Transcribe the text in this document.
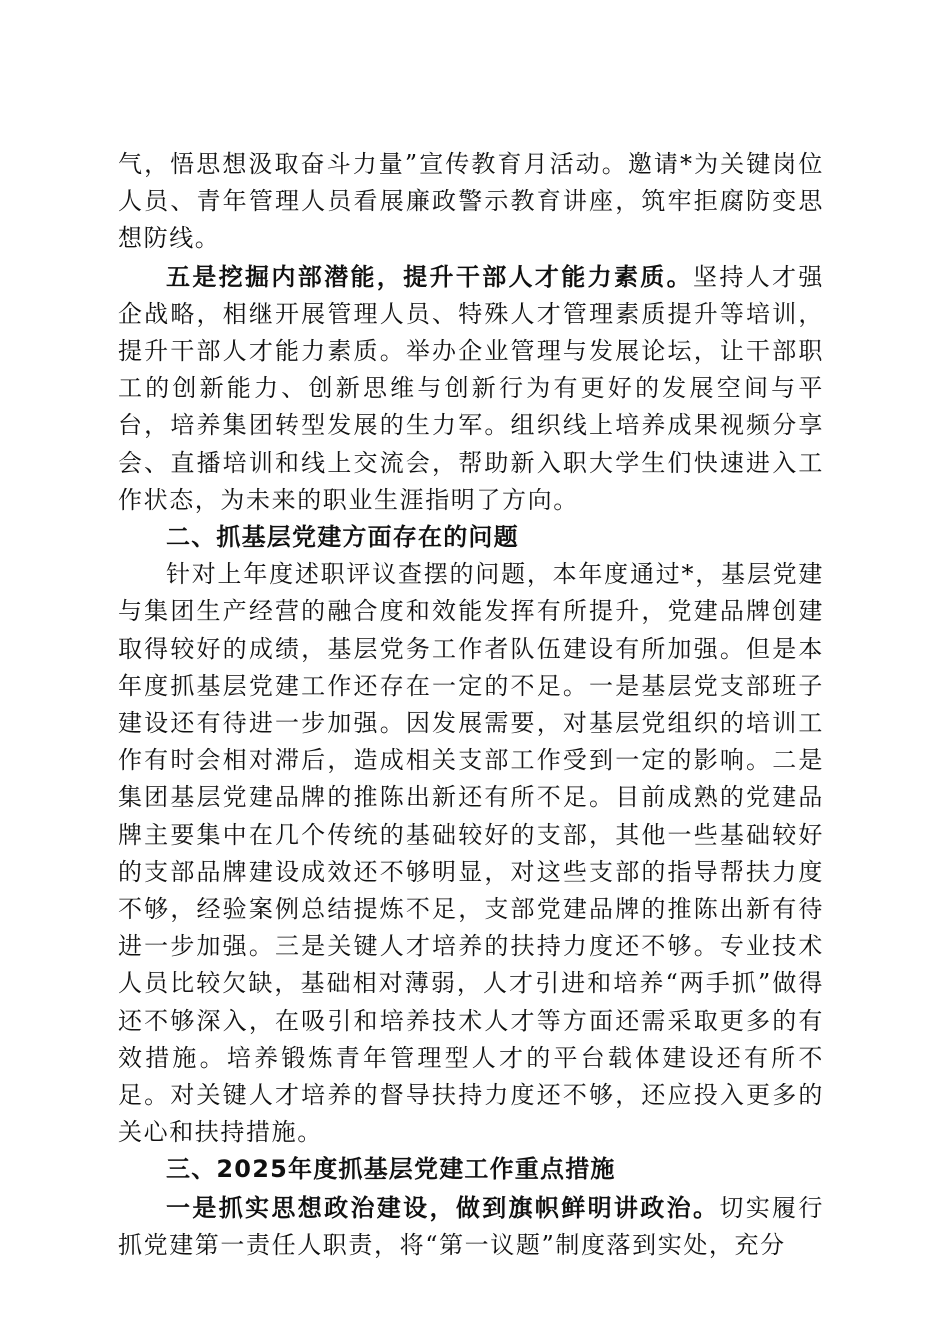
气，悟思想汲取奋斗力量”宣传教育月活动。邀请*为关键岗位人员、青年管理人员看展廉政警示教育讲座，筑牢拒腐防变思想防线。

五是挖掘内部潜能，提升干部人才能力素质。坚持人才强企战略，相继开展管理人员、特殊人才管理素质提升等培训，提升干部人才能力素质。举办企业管理与发展论坛，让干部职工的创新能力、创新思维与创新行为有更好的发展空间与平台，培养集团转型发展的生力军。组织线上培养成果视频分享会、直播培训和线上交流会，帮助新入职大学生们快速进入工作状态，为未来的职业生涯指明了方向。

二、抓基层党建方面存在的问题

针对上年度述职评议查摆的问题，本年度通过*，基层党建与集团生产经营的融合度和效能发挥有所提升，党建品牌创建取得较好的成绩，基层党务工作者队伍建设有所加强。但是本年度抓基层党建工作还存在一定的不足。一是基层党支部班子建设还有待进一步加强。因发展需要，对基层党组织的培训工作有时会相对滞后，造成相关支部工作受到一定的影响。二是集团基层党建品牌的推陈出新还有所不足。目前成熟的党建品牌主要集中在几个传统的基础较好的支部，其他一些基础较好的支部品牌建设成效还不够明显，对这些支部的指导帮扶力度不够，经验案例总结提炼不足，支部党建品牌的推陈出新有待进一步加强。三是关键人才培养的扶持力度还不够。专业技术人员比较欠缺，基础相对薄弱，人才引进和培养“两手抓”做得还不够深入，在吸引和培养技术人才等方面还需采取更多的有效措施。培养锻炼青年管理型人才的平台载体建设还有所不足。对关键人才培养的督导扶持力度还不够，还应投入更多的关心和扶持措施。

三、2025年度抓基层党建工作重点措施

一是抓实思想政治建设，做到旗帜鲜明讲政治。切实履行抓党建第一责任人职责，将“第一议题”制度落到实处，充分
